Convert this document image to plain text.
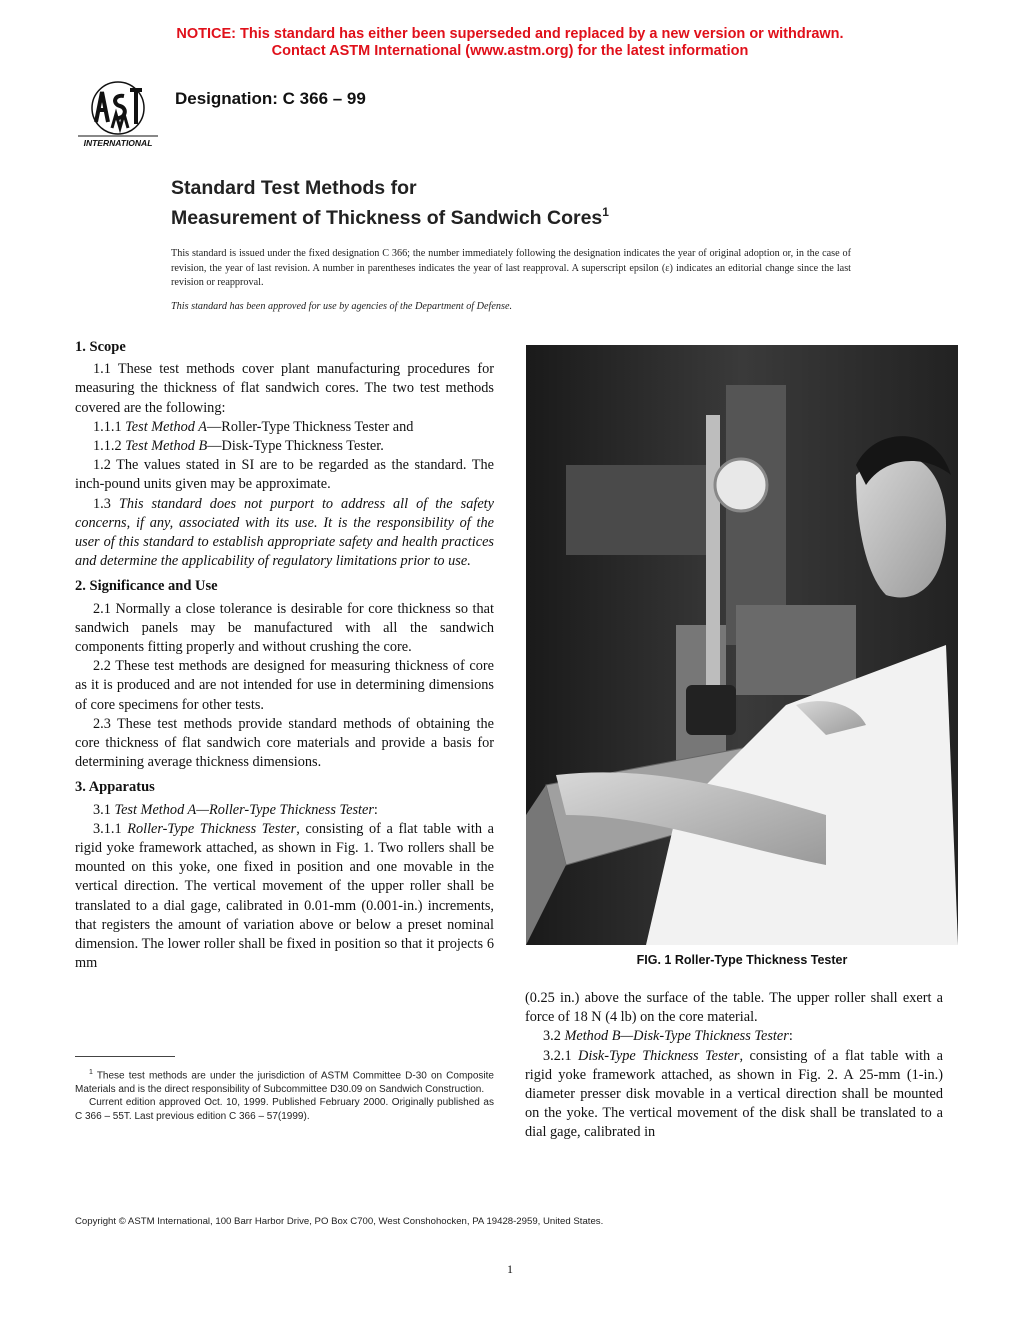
NOTICE: This standard has either been superseded and replaced by a new version or withdrawn.
Contact ASTM International (www.astm.org) for the latest information
INTERNATIONAL
Designation: C 366 – 99
Standard Test Methods for
Measurement of Thickness of Sandwich Cores$^1$
This standard is issued under the fixed designation C 366; the number immediately following the designation indicates the year of original adoption or, in the case of revision, the year of last revision. A number in parentheses indicates the year of last reapproval. A superscript epsilon (ε) indicates an editorial change since the last revision or reapproval.
This standard has been approved for use by agencies of the Department of Defense.
1. Scope

1.1 These test methods cover plant manufacturing procedures for measuring the thickness of flat sandwich cores. The two test methods covered are the following:

1.1.1 Test Method A—Roller-Type Thickness Tester and

1.1.2 Test Method B—Disk-Type Thickness Tester.

1.2 The values stated in SI are to be regarded as the standard. The inch-pound units given may be approximate.

1.3 This standard does not purport to address all of the safety concerns, if any, associated with its use. It is the responsibility of the user of this standard to establish appropriate safety and health practices and determine the applicability of regulatory limitations prior to use.

2. Significance and Use

2.1 Normally a close tolerance is desirable for core thickness so that sandwich panels may be manufactured with all the sandwich components fitting properly and without crushing the core.

2.2 These test methods are designed for measuring thickness of core as it is produced and are not intended for use in determining dimensions of core specimens for other tests.

2.3 These test methods provide standard methods of obtaining the core thickness of flat sandwich core materials and provide a basis for determining average thickness dimensions.

3. Apparatus

3.1 Test Method A—Roller-Type Thickness Tester:

3.1.1 Roller-Type Thickness Tester, consisting of a flat table with a rigid yoke framework attached, as shown in Fig. 1. Two rollers shall be mounted on this yoke, one fixed in position and one movable in the vertical direction. The vertical movement of the upper roller shall be translated to a dial gage, calibrated in 0.01-mm (0.001-in.) increments, that registers the amount of variation above or below a preset nominal dimension. The lower roller shall be fixed in position so that it projects 6 mm	FIG. 1 Roller-Type Thickness Tester

(0.25 in.) above the surface of the table. The upper roller shall exert a force of 18 N (4 lb) on the core material.

3.2 Method B—Disk-Type Thickness Tester:

3.2.1 Disk-Type Thickness Tester, consisting of a flat table with a rigid yoke framework attached, as shown in Fig. 2. A 25-mm (1-in.) diameter presser disk movable in a vertical direction shall be mounted on the yoke. The vertical movement of the disk shall be translated to a dial gage, calibrated in

$^1$ These test methods are under the jurisdiction of ASTM Committee D-30 on Composite Materials and is the direct responsibility of Subcommittee D30.09 on Sandwich Construction.

Current edition approved Oct. 10, 1999. Published February 2000. Originally published as C 366 – 55T. Last previous edition C 366 – 57(1999).

Copyright © ASTM International, 100 Barr Harbor Drive, PO Box C700, West Conshohocken, PA 19428-2959, United States.
1
